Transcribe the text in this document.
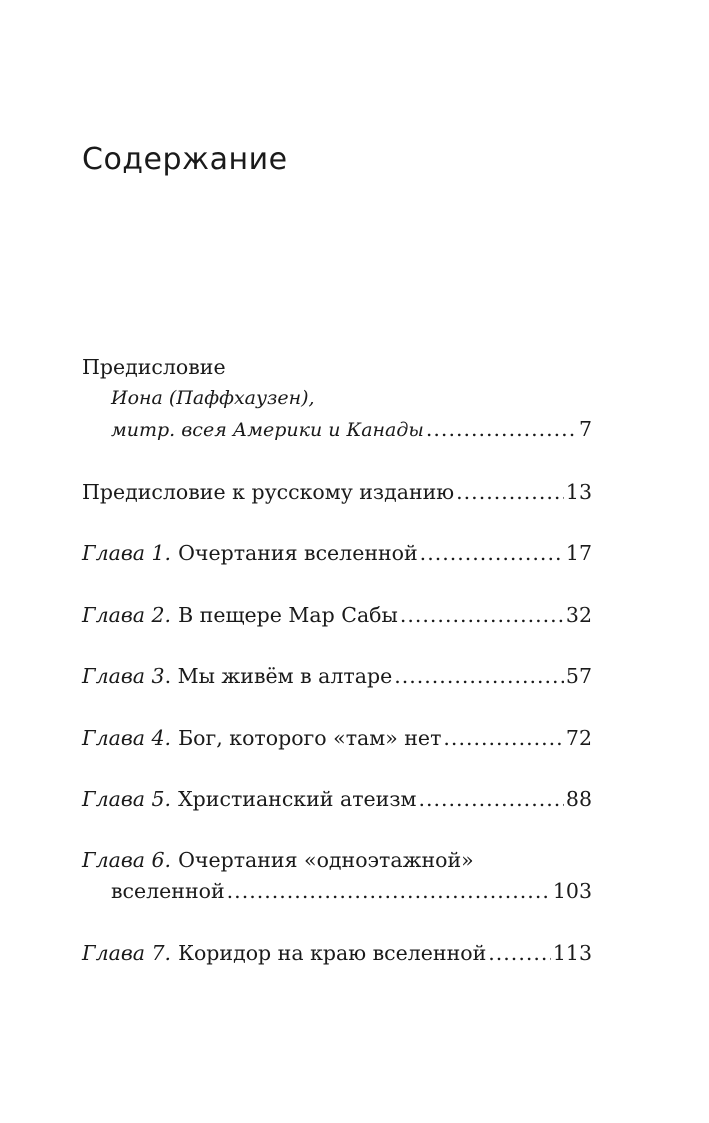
Содержание
Предисловие
Иона (Паффхаузен),
митр. всея Америки и Канады .....	7
Предисловие к русскому изданию .....	13
Глава 1. Очертания вселенной .....	17
Глава 2. В пещере Мар Сабы .....	32
Глава 3 . Мы живём в алтаре .....	57
Глава 4. Бог, которого «там» нет .....	72
Глава 5. Христианский атеизм .....	88
Глава 6. Очертания «одноэтажной»
вселенной .....	103
Глава 7. Коридор на краю вселенной .....	113
